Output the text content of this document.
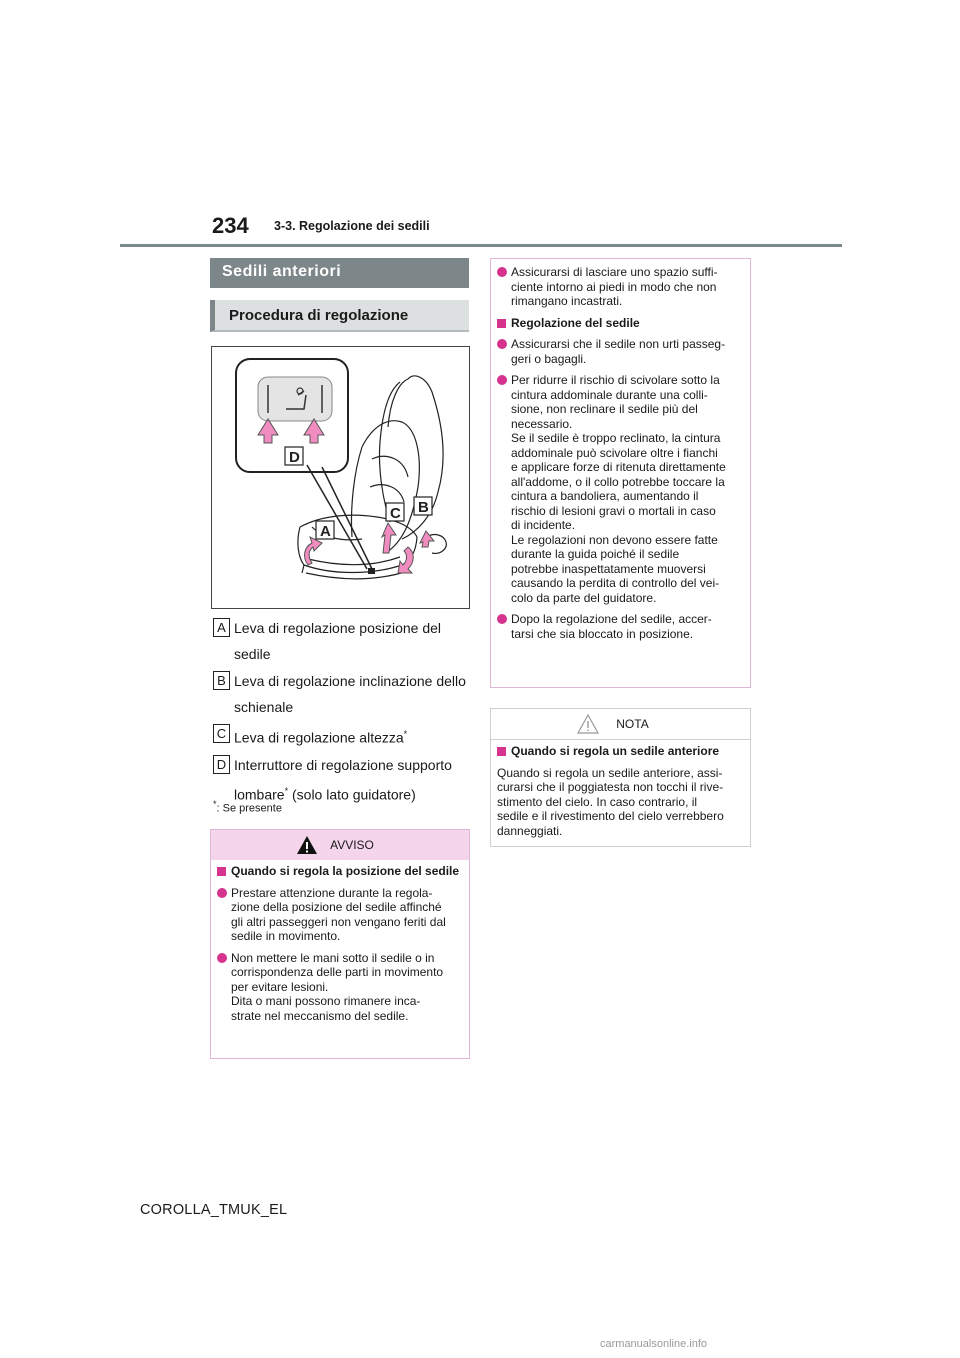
234 3-3. Regolazione dei sedili
Sedili anteriori
Procedura di regolazione
D
A
C B
A Leva di regolazione posizione del sedile
B Leva di regolazione inclinazione dello schienale
C Leva di regolazione altezza*
D Interruttore di regolazione supporto lombare* (solo lato guidatore)
*: Se presente
AVVISO
Quando si regola la posizione del sedile
Prestare attenzione durante la regola-
zione della posizione del sedile affinché
gli altri passeggeri non vengano feriti dal
sedile in movimento.
Non mettere le mani sotto il sedile o in
corrispondenza delle parti in movimento
per evitare lesioni.
Dita o mani possono rimanere inca-
strate nel meccanismo del sedile.
Assicurarsi di lasciare uno spazio suffi-
ciente intorno ai piedi in modo che non
rimangano incastrati.
Regolazione del sedile
Assicurarsi che il sedile non urti passeg-
geri o bagagli.
Per ridurre il rischio di scivolare sotto la
cintura addominale durante una colli-
sione, non reclinare il sedile più del
necessario.
Se il sedile è troppo reclinato, la cintura
addominale può scivolare oltre i fianchi
e applicare forze di ritenuta direttamente
all'addome, o il collo potrebbe toccare la
cintura a bandoliera, aumentando il
rischio di lesioni gravi o mortali in caso
di incidente.
Le regolazioni non devono essere fatte
durante la guida poiché il sedile
potrebbe inaspettatamente muoversi
causando la perdita di controllo del vei-
colo da parte del guidatore.
Dopo la regolazione del sedile, accer-
tarsi che sia bloccato in posizione.
NOTA
Quando si regola un sedile anteriore
Quando si regola un sedile anteriore, assi-
curarsi che il poggiatesta non tocchi il rive-
stimento del cielo. In caso contrario, il
sedile e il rivestimento del cielo verrebbero
danneggiati.
COROLLA_TMUK_EL
carmanualsonline.info
